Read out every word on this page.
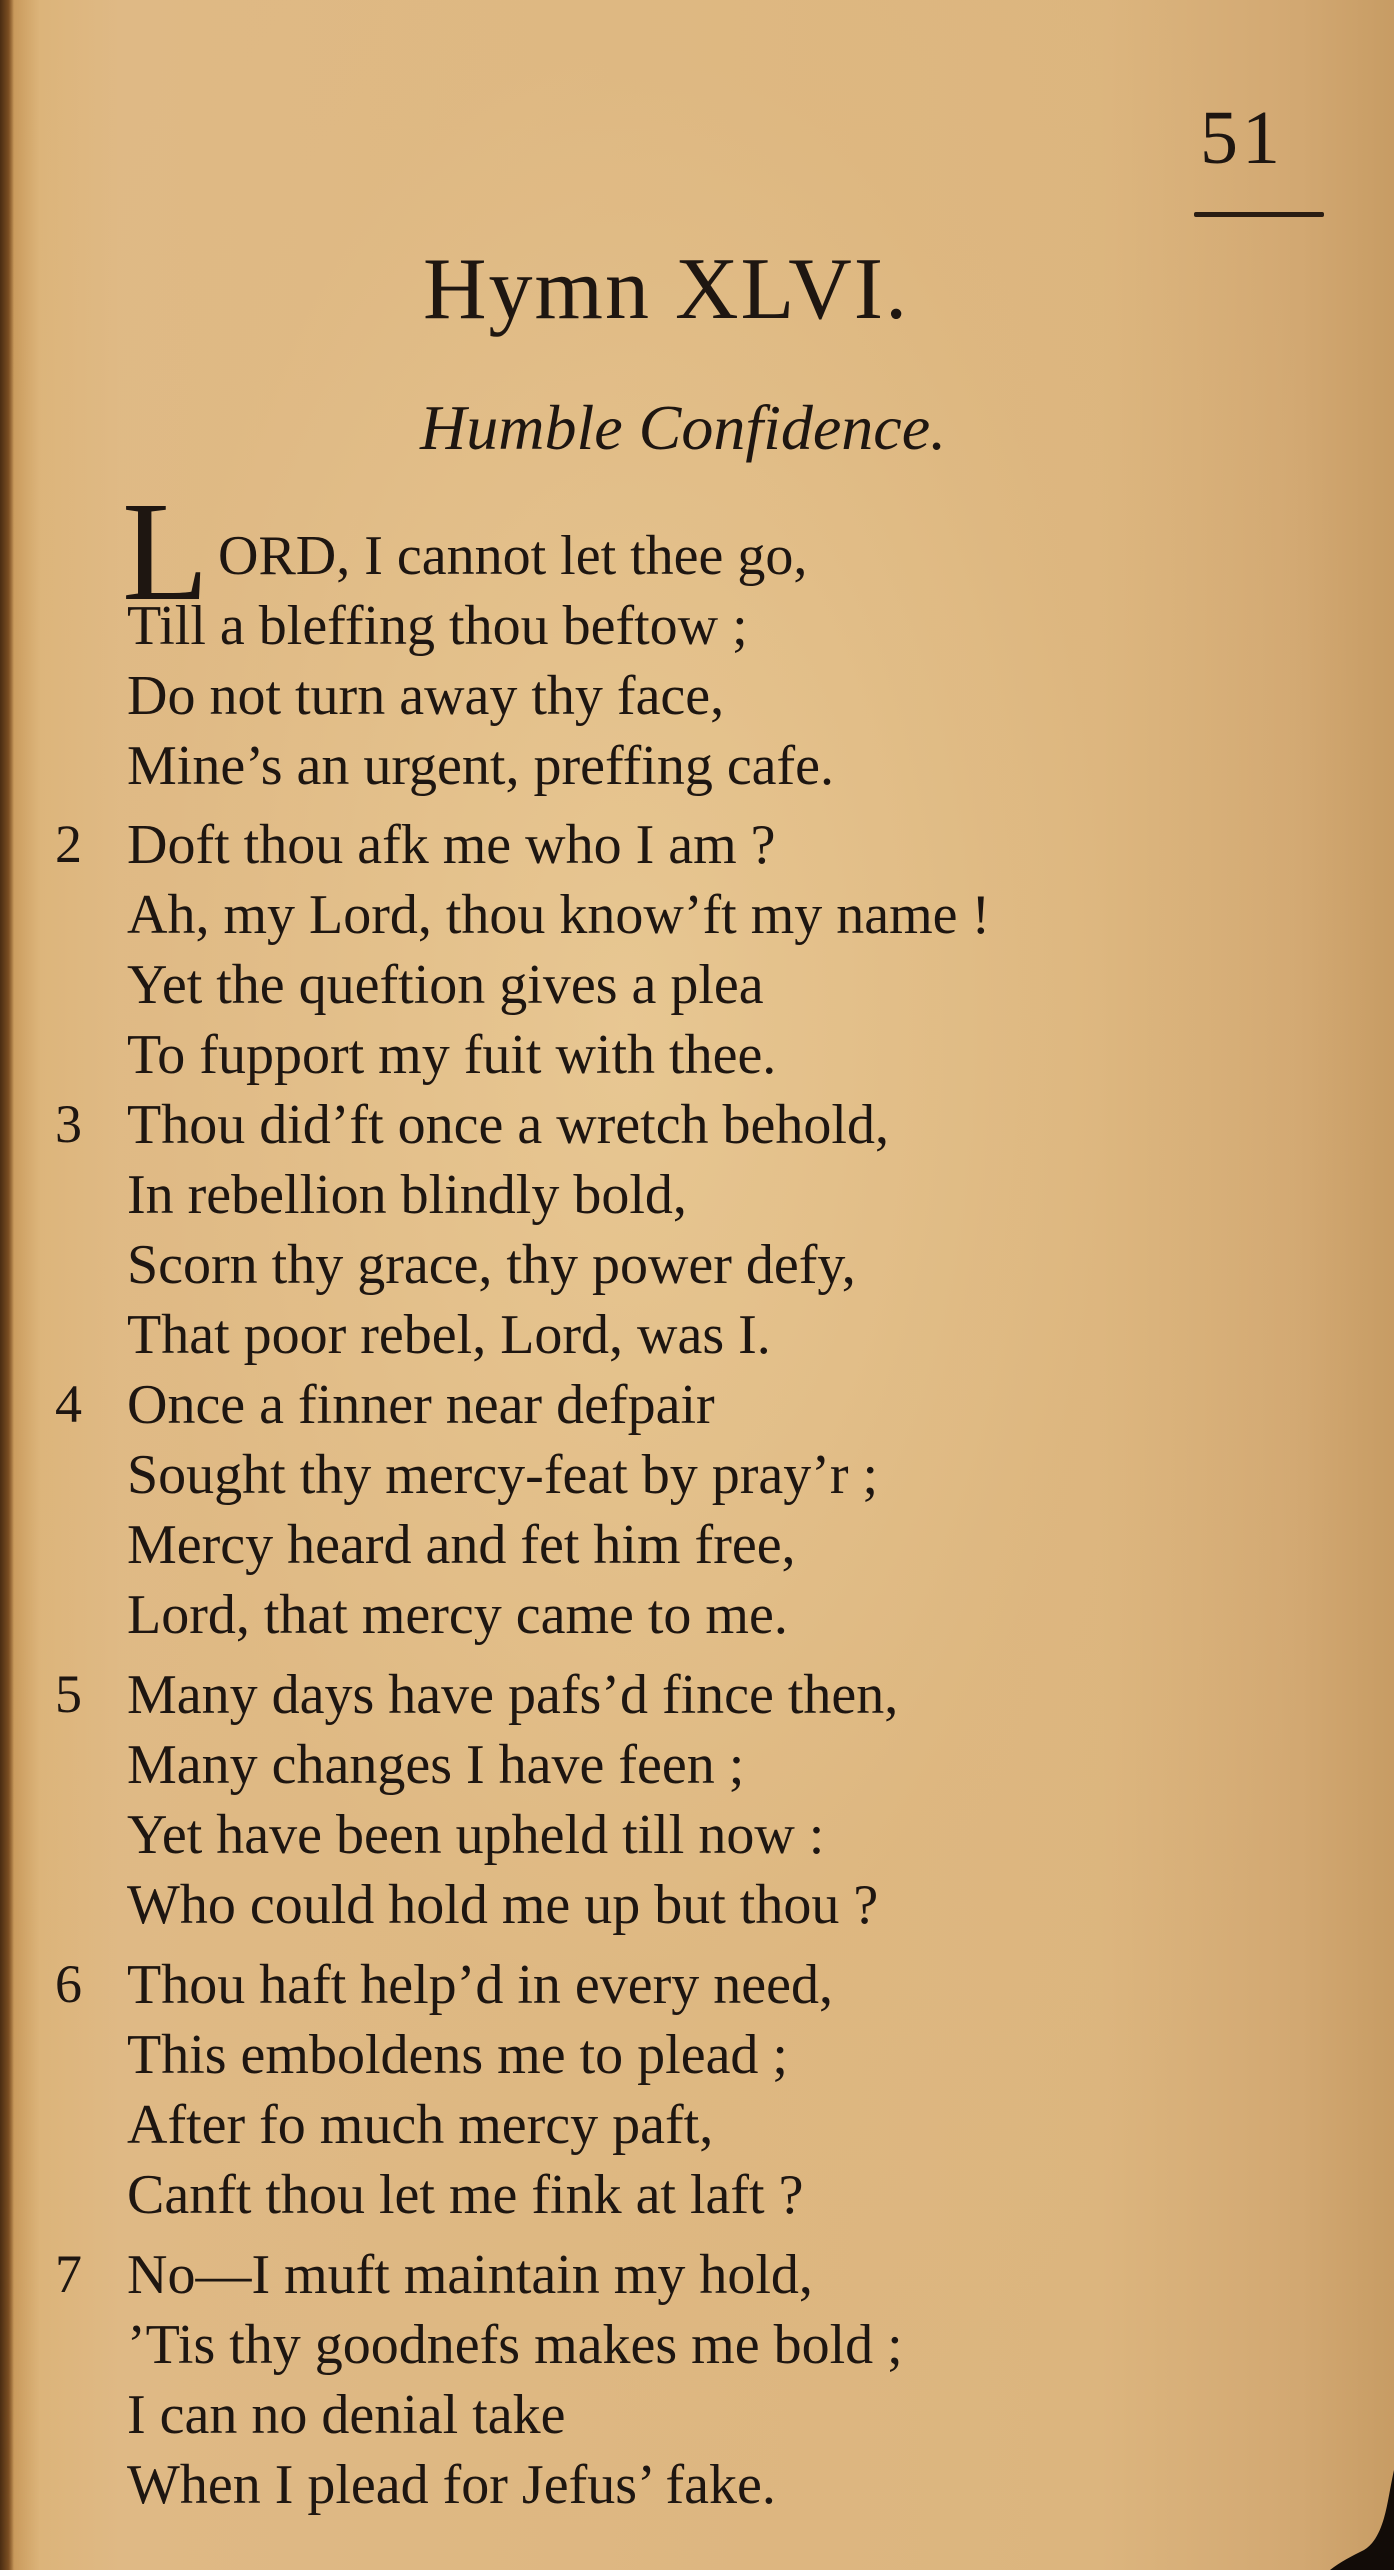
51
Hymn XLVI.
Humble Confidence.
L ORD, I cannot let thee go,
Till a bleffing thou beftow ;
Do not turn away thy face,
Mine’s an urgent, preffing cafe.
2 Doft thou afk me who I am ?
Ah, my Lord, thou know’ft my name !
Yet the queftion gives a plea
To fupport my fuit with thee.
3 Thou did’ft once a wretch behold,
In rebellion blindly bold,
Scorn thy grace, thy power defy,
That poor rebel, Lord, was I.
4 Once a finner near defpair
Sought thy mercy-feat by pray’r ;
Mercy heard and fet him free,
Lord, that mercy came to me.
5 Many days have pafs’d fince then,
Many changes I have feen ;
Yet have been upheld till now :
Who could hold me up but thou ?
6 Thou haft help’d in every need,
This emboldens me to plead ;
After fo much mercy paft,
Canft thou let me fink at laft ?
7 No—I muft maintain my hold,
’Tis thy goodnefs makes me bold ;
I can no denial take
When I plead for Jefus’ fake.
